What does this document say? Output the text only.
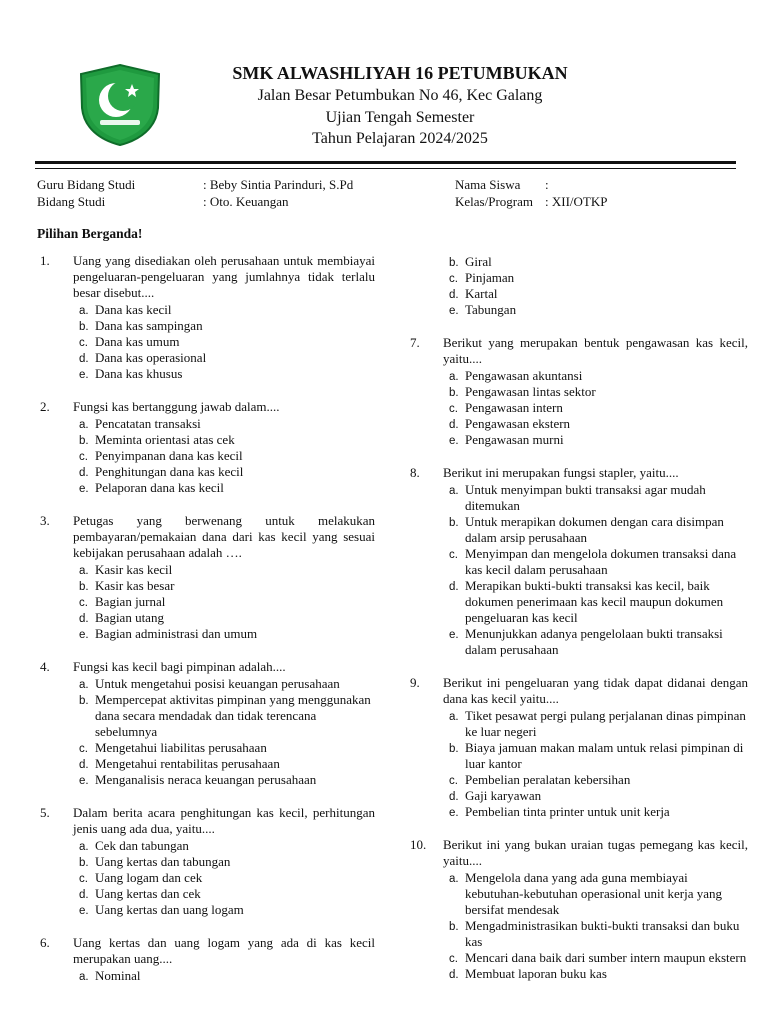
SMK ALWASHLIYAH 16 PETUMBUKAN
Jalan Besar Petumbukan No 46, Kec Galang
Ujian Tengah Semester
Tahun Pelajaran 2024/2025
Guru Bidang Studi	: Beby Sintia Parinduri, S.Pd
Bidang Studi	: Oto. Keuangan
Nama Siswa :
Kelas/Program : XII/OTKP
Pilihan Berganda!
1. Uang yang disediakan oleh perusahaan untuk membiayai pengeluaran-pengeluaran yang jumlahnya tidak terlalu besar disebut....
a. Dana kas kecil
b. Dana kas sampingan
c. Dana kas umum
d. Dana kas operasional
e. Dana kas khusus
2. Fungsi kas bertanggung jawab dalam....
a. Pencatatan transaksi
b. Meminta orientasi atas cek
c. Penyimpanan dana kas kecil
d. Penghitungan dana kas kecil
e. Pelaporan dana kas kecil
3. Petugas yang berwenang untuk melakukan pembayaran/pemakaian dana dari kas kecil yang sesuai kebijakan perusahaan adalah ….
a. Kasir kas kecil
b. Kasir kas besar
c. Bagian jurnal
d. Bagian utang
e. Bagian administrasi dan umum
4. Fungsi kas kecil bagi pimpinan adalah....
a. Untuk mengetahui posisi keuangan perusahaan
b. Mempercepat aktivitas pimpinan yang menggunakan dana secara mendadak dan tidak terencana sebelumnya
c. Mengetahui liabilitas perusahaan
d. Mengetahui rentabilitas perusahaan
e. Menganalisis neraca keuangan perusahaan
5. Dalam berita acara penghitungan kas kecil, perhitungan jenis uang ada dua, yaitu....
a. Cek dan tabungan
b. Uang kertas dan tabungan
c. Uang logam dan cek
d. Uang kertas dan cek
e. Uang kertas dan uang logam
6. Uang kertas dan uang logam yang ada di kas kecil merupakan uang....
a. Nominal
b. Giral
c. Pinjaman
d. Kartal
e. Tabungan
7. Berikut yang merupakan bentuk pengawasan kas kecil, yaitu....
a. Pengawasan akuntansi
b. Pengawasan lintas sektor
c. Pengawasan intern
d. Pengawasan ekstern
e. Pengawasan murni
8. Berikut ini merupakan fungsi stapler, yaitu....
a. Untuk menyimpan bukti transaksi agar mudah ditemukan
b. Untuk merapikan dokumen dengan cara disimpan dalam arsip perusahaan
c. Menyimpan dan mengelola dokumen transaksi dana kas kecil dalam perusahaan
d. Merapikan bukti-bukti transaksi kas kecil, baik dokumen penerimaan kas kecil maupun dokumen pengeluaran kas kecil
e. Menunjukkan adanya pengelolaan bukti transaksi dalam perusahaan
9. Berikut ini pengeluaran yang tidak dapat didanai dengan dana kas kecil yaitu....
a. Tiket pesawat pergi pulang perjalanan dinas pimpinan ke luar negeri
b. Biaya jamuan makan malam untuk relasi pimpinan di luar kantor
c. Pembelian peralatan kebersihan
d. Gaji karyawan
e. Pembelian tinta printer untuk unit kerja
10. Berikut ini yang bukan uraian tugas pemegang kas kecil, yaitu....
a. Mengelola dana yang ada guna membiayai kebutuhan-kebutuhan operasional unit kerja yang bersifat mendesak
b. Mengadministrasikan bukti-bukti transaksi dan buku kas
c. Mencari dana baik dari sumber intern maupun ekstern
d. Membuat laporan buku kas
